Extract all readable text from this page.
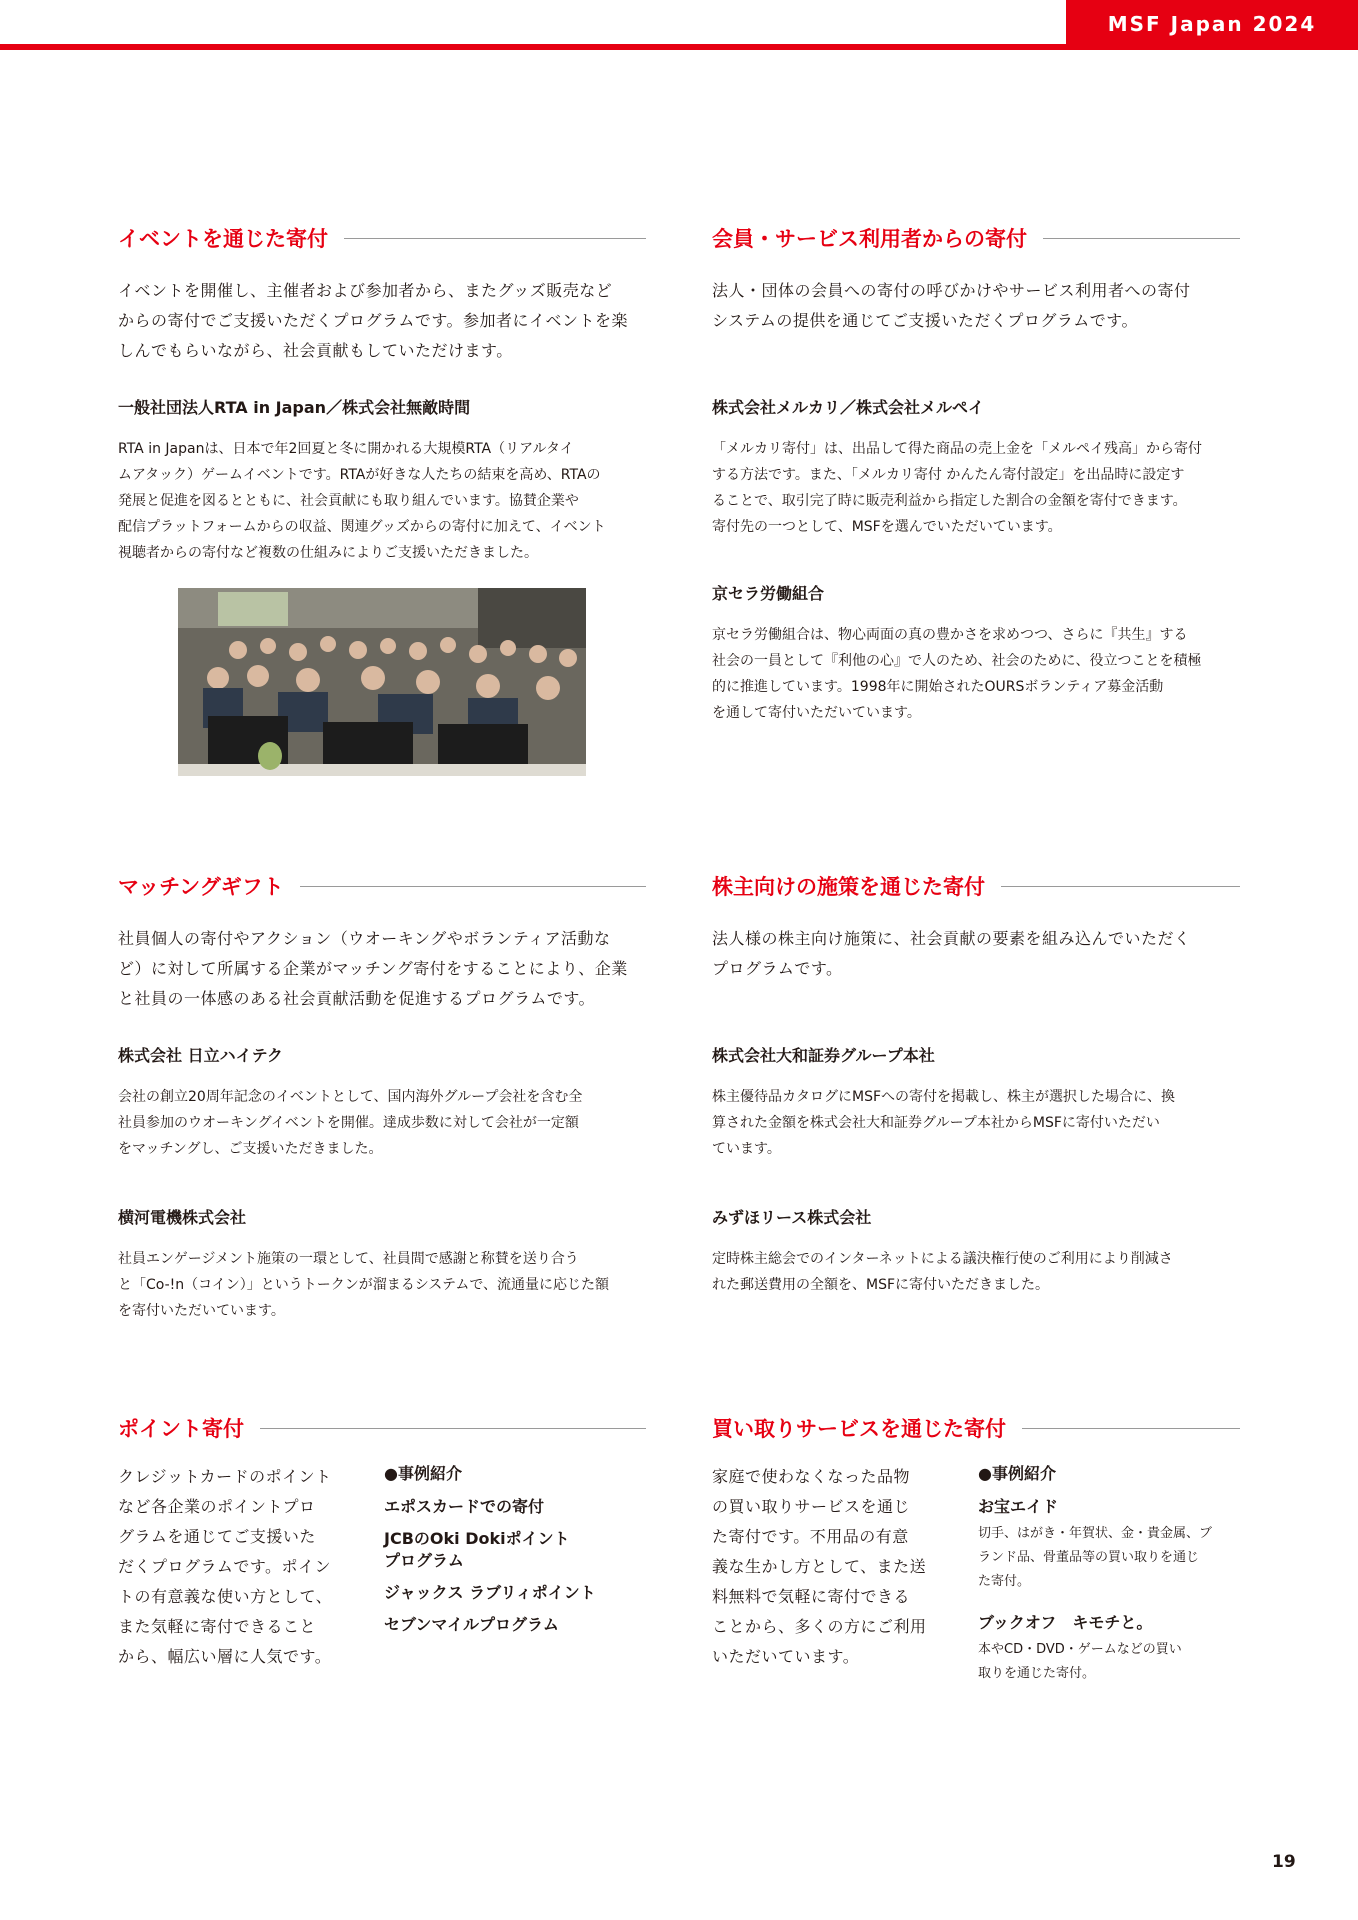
MSF Japan 2024
イベントを通じた寄付
イベントを開催し、主催者および参加者から、またグッズ販売など
からの寄付でご支援いただくプログラムです。参加者にイベントを楽
しんでもらいながら、社会貢献もしていただけます。
一般社団法人RTA in Japan／株式会社無敵時間
RTA in Japanは、日本で年2回夏と冬に開かれる大規模RTA（リアルタイ
ムアタック）ゲームイベントです。RTAが好きな人たちの結束を高め、RTAの
発展と促進を図るとともに、社会貢献にも取り組んでいます。協賛企業や
配信プラットフォームからの収益、関連グッズからの寄付に加えて、イベント
視聴者からの寄付など複数の仕組みによりご支援いただきました。
会員・サービス利用者からの寄付
法人・団体の会員への寄付の呼びかけやサービス利用者への寄付
システムの提供を通じてご支援いただくプログラムです。
株式会社メルカリ／株式会社メルペイ
「メルカリ寄付」は、出品して得た商品の売上金を「メルペイ残高」から寄付
する方法です。また、「メルカリ寄付 かんたん寄付設定」を出品時に設定す
ることで、取引完了時に販売利益から指定した割合の金額を寄付できます。
寄付先の一つとして、MSFを選んでいただいています。
京セラ労働組合
京セラ労働組合は、物心両面の真の豊かさを求めつつ、さらに『共生』する
社会の一員として『利他の心』で人のため、社会のために、役立つことを積極
的に推進しています。1998年に開始されたOURSボランティア募金活動
を通して寄付いただいています。
マッチングギフト
社員個人の寄付やアクション（ウオーキングやボランティア活動な
ど）に対して所属する企業がマッチング寄付をすることにより、企業
と社員の一体感のある社会貢献活動を促進するプログラムです。
株式会社 日立ハイテク
会社の創立20周年記念のイベントとして、国内海外グループ会社を含む全
社員参加のウオーキングイベントを開催。達成歩数に対して会社が一定額
をマッチングし、ご支援いただきました。
横河電機株式会社
社員エンゲージメント施策の一環として、社員間で感謝と称賛を送り合う
と「Co-!n（コイン）」というトークンが溜まるシステムで、流通量に応じた額
を寄付いただいています。
株主向けの施策を通じた寄付
法人様の株主向け施策に、社会貢献の要素を組み込んでいただく
プログラムです。
株式会社大和証券グループ本社
株主優待品カタログにMSFへの寄付を掲載し、株主が選択した場合に、換
算された金額を株式会社大和証券グループ本社からMSFに寄付いただい
ています。
みずほリース株式会社
定時株主総会でのインターネットによる議決権行使のご利用により削減さ
れた郵送費用の全額を、MSFに寄付いただきました。
ポイント寄付
クレジットカードのポイント
など各企業のポイントプロ
グラムを通じてご支援いた
だくプログラムです。ポイン
トの有意義な使い方として、
また気軽に寄付できること
から、幅広い層に人気です。
●事例紹介
エポスカードでの寄付
JCBのOki Dokiポイント
プログラム
ジャックス ラブリィポイント
セブンマイルプログラム
買い取りサービスを通じた寄付
家庭で使わなくなった品物
の買い取りサービスを通じ
た寄付です。不用品の有意
義な生かし方として、また送
料無料で気軽に寄付できる
ことから、多くの方にご利用
いただいています。
●事例紹介
お宝エイド
切手、はがき・年賀状、金・貴金属、ブ
ランド品、骨董品等の買い取りを通じ
た寄付。
ブックオフ　キモチと。
本やCD・DVD・ゲームなどの買い
取りを通じた寄付。
19
